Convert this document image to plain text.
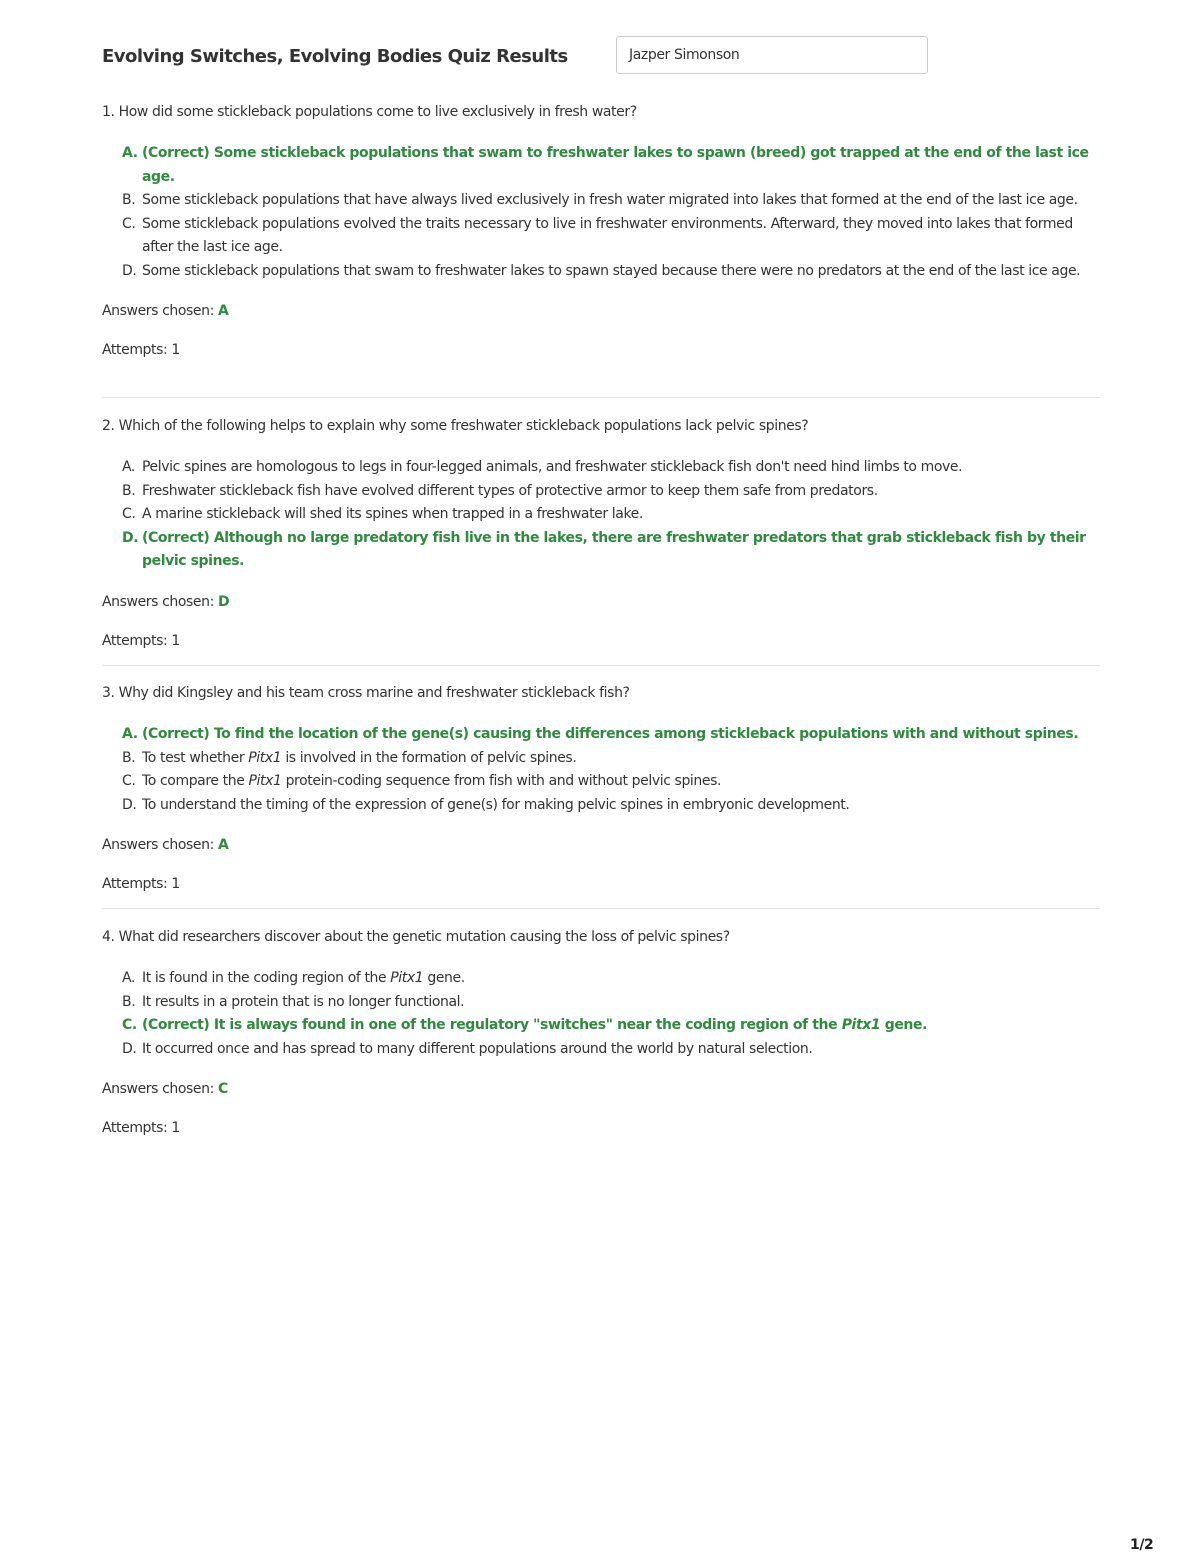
Evolving Switches, Evolving Bodies Quiz Results	Jazper Simonson

1. How did some stickleback populations come to live exclusively in fresh water?

A. (Correct) Some stickleback populations that swam to freshwater lakes to spawn (breed) got trapped at the end of the last ice age.
B. Some stickleback populations that have always lived exclusively in fresh water migrated into lakes that formed at the end of the last ice age.
C. Some stickleback populations evolved the traits necessary to live in freshwater environments. Afterward, they moved into lakes that formed after the last ice age.
D. Some stickleback populations that swam to freshwater lakes to spawn stayed because there were no predators at the end of the last ice age.

Answers chosen: A

Attempts: 1

2. Which of the following helps to explain why some freshwater stickleback populations lack pelvic spines?

A. Pelvic spines are homologous to legs in four-legged animals, and freshwater stickleback fish don't need hind limbs to move.
B. Freshwater stickleback fish have evolved different types of protective armor to keep them safe from predators.
C. A marine stickleback will shed its spines when trapped in a freshwater lake.
D. (Correct) Although no large predatory fish live in the lakes, there are freshwater predators that grab stickleback fish by their pelvic spines.

Answers chosen: D

Attempts: 1

3. Why did Kingsley and his team cross marine and freshwater stickleback fish?

A. (Correct) To find the location of the gene(s) causing the differences among stickleback populations with and without spines.
B. To test whether Pitx1 is involved in the formation of pelvic spines.
C. To compare the Pitx1 protein-coding sequence from fish with and without pelvic spines.
D. To understand the timing of the expression of gene(s) for making pelvic spines in embryonic development.

Answers chosen: A

Attempts: 1

4. What did researchers discover about the genetic mutation causing the loss of pelvic spines?

A. It is found in the coding region of the Pitx1 gene.
B. It results in a protein that is no longer functional.
C. (Correct) It is always found in one of the regulatory "switches" near the coding region of the Pitx1 gene.
D. It occurred once and has spread to many different populations around the world by natural selection.

Answers chosen: C

Attempts: 1

1/2
